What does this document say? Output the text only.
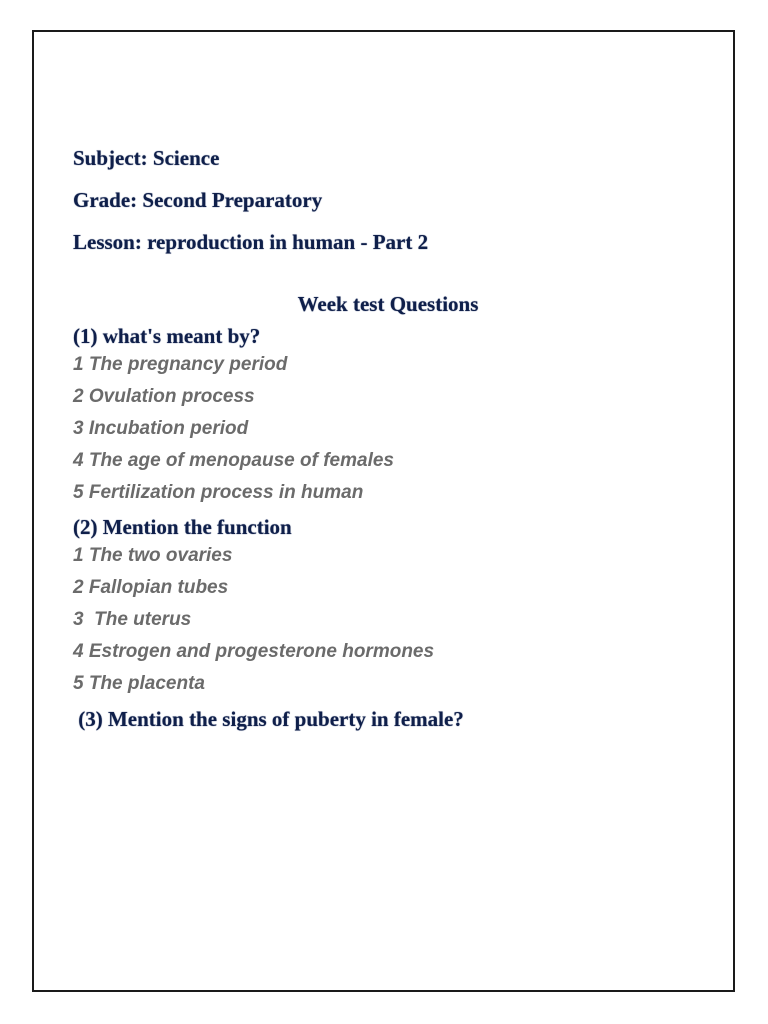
Subject: Science

Grade: Second Preparatory

Lesson: reproduction in human - Part 2

Week test Questions

(1) what's meant by?

1 The pregnancy period

2 Ovulation process

3 Incubation period

4 The age of menopause of females

5 Fertilization process in human

(2) Mention the function

1 The two ovaries

2 Fallopian tubes

3  The uterus

4 Estrogen and progesterone hormones

5 The placenta

(3) Mention the signs of puberty in female?
